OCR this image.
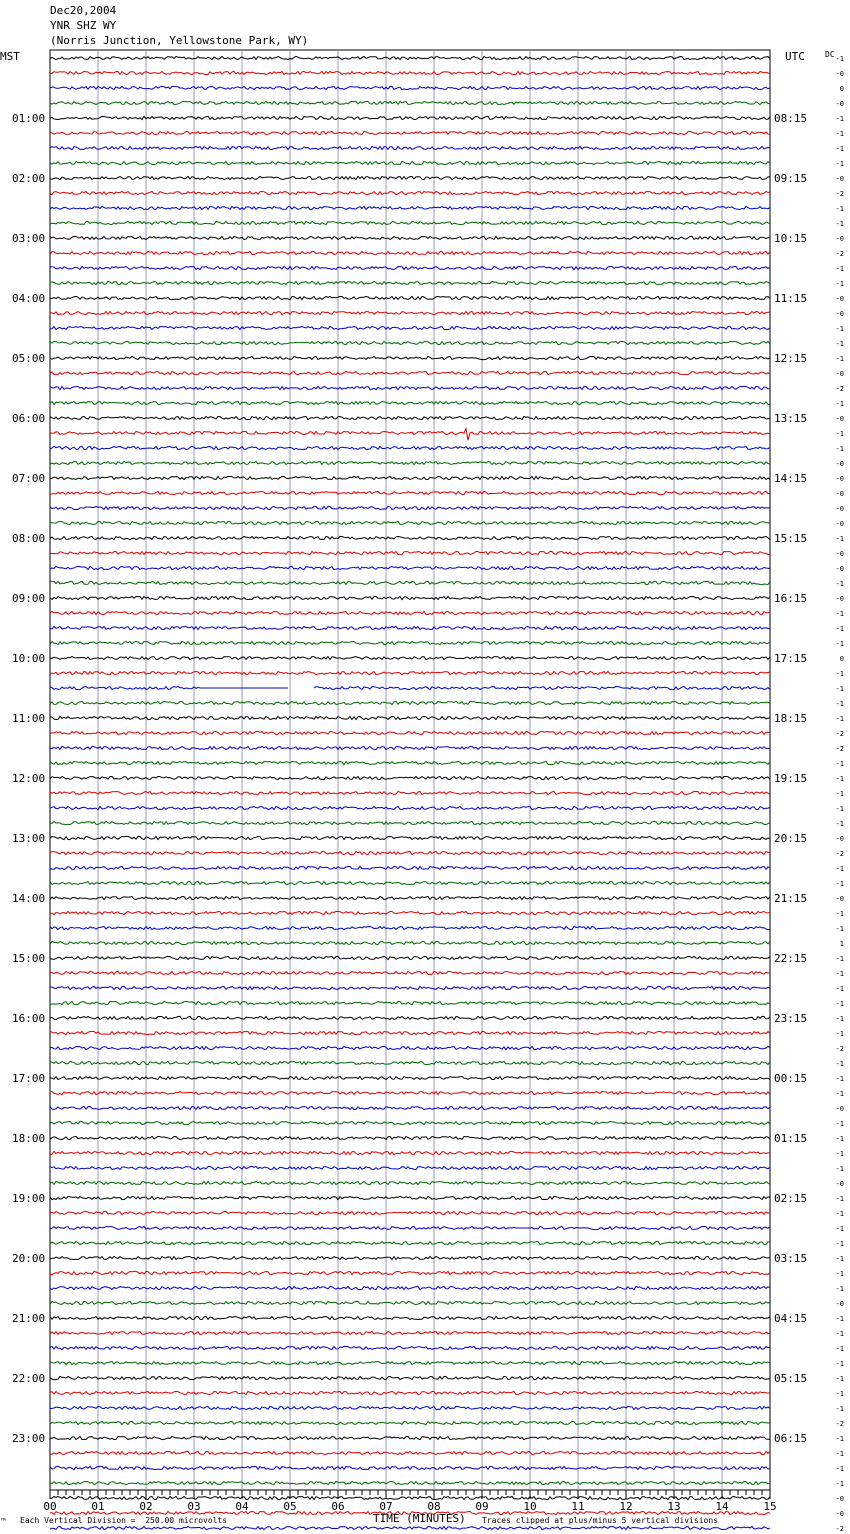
Dec20,2004
YNR SHZ WY
(Norris Junction, Yellowstone Park, WY)
MST	UTC	DC
01:00
02:00
03:00
04:00
05:00
06:00
07:00
08:00
09:00
10:00
11:00
12:00
13:00
14:00
15:00
16:00
17:00
18:00
19:00
20:00
21:00
22:00
23:00
08:15
09:15
10:15
11:15
12:15
13:15
14:15
15:15
16:15
17:15
18:15
19:15
20:15
21:15
22:15
23:15
00:15
01:15
02:15
03:15
04:15
05:15
06:15
-1
-0
0
-0
-1
-1
-1
-1
-0
-2
-1
-1
-0
-2
-1
-1
-0
-0
-1
-1
-1
-0
-2
-1
-0
-1
-1
-0
-0
-0
-0
-0
-1
-0
-0
-1
-0
-1
-1
-1
0
-1
-1
-1
-1
-2
-2
-1
-1
-1
-1
-1
-0
-2
-1
-1
-0
-1
-1
1
-1
-1
-1
-1
-1
-1
-2
-1
-1
-1
-0
-1
-1
-1
-1
-0
-1
-1
-1
-1
-1
-1
-1
-0
-1
-1
-1
-1
-1
-1
-1
-2
-1
-1
-1
-1
-0
-0
-2
00	01	02	03	04	05	06	07	08	09	10	11	12	13	14	15
TIME (MINUTES)
™ Each Vertical Division =  250.00 microvolts	Traces clipped at plus/minus 5 vertical divisions
